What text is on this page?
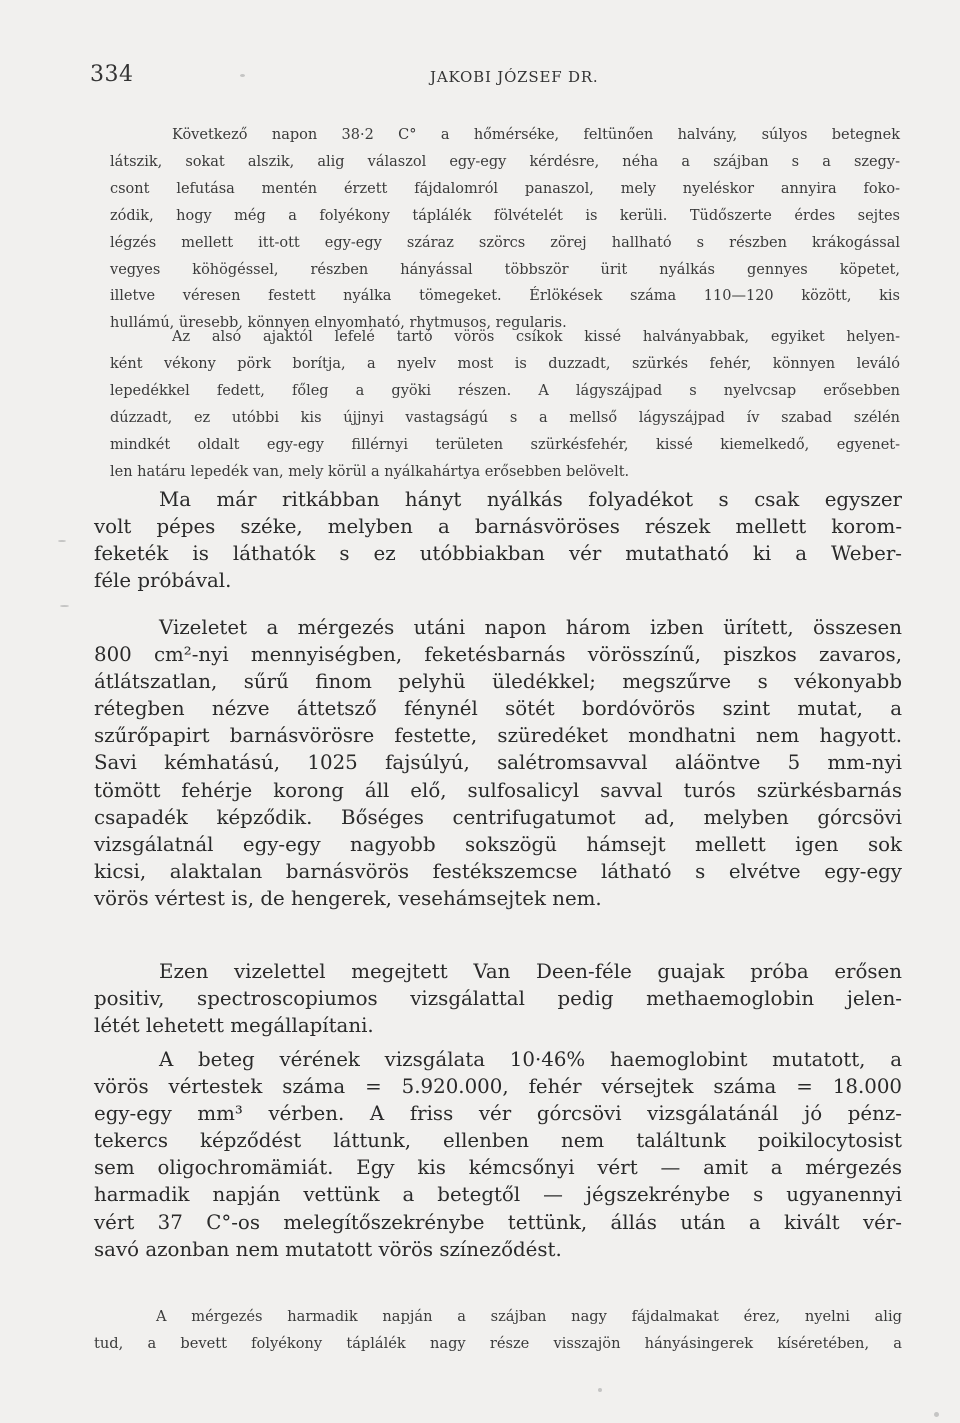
334	JAKOBI JÓZSEF DR.
Következő napon 38·2 C° a hőmérséke, feltünően halvány, súlyos betegnek
látszik, sokat alszik, alig válaszol egy-egy kérdésre, néha a szájban s a szegy-
csont lefutása mentén érzett fájdalomról panaszol, mely nyeléskor annyira foko-
zódik, hogy még a folyékony táplálék fölvételét is kerüli. Tüdőszerte érdes sejtes
légzés mellett itt-ott egy-egy száraz szörcs zörej hallható s részben krákogással
vegyes köhögéssel, részben hányással többször ürit nyálkás gennyes köpetet,
illetve véresen festett nyálka tömegeket. Érlökések száma 110—120 között, kis
hullámú, üresebb, könnyen elnyomható, rhytmusos, regularis.
Az alsó ajaktól lefelé tartó vörös csíkok kissé halványabbak, egyiket helyen-
ként vékony pörk borítja, a nyelv most is duzzadt, szürkés fehér, könnyen leváló
lepedékkel fedett, főleg a gyöki részen. A lágyszájpad s nyelvcsap erősebben
dúzzadt, ez utóbbi kis újjnyi vastagságú s a mellső lágyszájpad ív szabad szélén
mindkét oldalt egy-egy fillérnyi területen szürkésfehér, kissé kiemelkedő, egyenet-
len határu lepedék van, mely körül a nyálkahártya erősebben belövelt.
Ma már ritkábban hányt nyálkás folyadékot s csak egyszer
volt pépes széke, melyben a barnásvöröses részek mellett korom-
feketék is láthatók s ez utóbbiakban vér mutatható ki a Weber-
féle próbával.
Vizeletet a mérgezés utáni napon három izben ürített, összesen
800 cm²-nyi mennyiségben, feketésbarnás vörösszínű, piszkos zavaros,
átlátszatlan, sűrű finom pelyhü üledékkel; megszűrve s vékonyabb
rétegben nézve áttetsző fénynél sötét bordóvörös szint mutat, a
szűrőpapirt barnásvörösre festette, szüredéket mondhatni nem hagyott.
Savi kémhatású, 1025 fajsúlyú, salétromsavval aláöntve 5 mm-nyi
tömött fehérje korong áll elő, sulfosalicyl savval turós szürkésbarnás
csapadék képződik. Bőséges centrifugatumot ad, melyben górcsövi
vizsgálatnál egy-egy nagyobb sokszögü hámsejt mellett igen sok
kicsi, alaktalan barnásvörös festékszemcse látható s elvétve egy-egy
vörös vértest is, de hengerek, vesehámsejtek nem.
Ezen vizelettel megejtett Van Deen-féle guajak próba erősen
positiv, spectroscopiumos vizsgálattal pedig methaemoglobin jelen-
létét lehetett megállapítani.
A beteg vérének vizsgálata 10·46% haemoglobint mutatott, a
vörös vértestek száma = 5.920.000, fehér vérsejtek száma = 18.000
egy-egy mm³ vérben. A friss vér górcsövi vizsgálatánál jó pénz-
tekercs képződést láttunk, ellenben nem találtunk poikilocytosist
sem oligochromämiát. Egy kis kémcsőnyi vért — amit a mérgezés
harmadik napján vettünk a betegtől — jégszekrénybe s ugyanennyi
vért 37 C°-os melegítőszekrénybe tettünk, állás után a kivált vér-
savó azonban nem mutatott vörös színeződést.
A mérgezés harmadik napján a szájban nagy fájdalmakat érez, nyelni alig
tud, a bevett folyékony táplálék nagy része visszajön hányásingerek kíséretében, a
